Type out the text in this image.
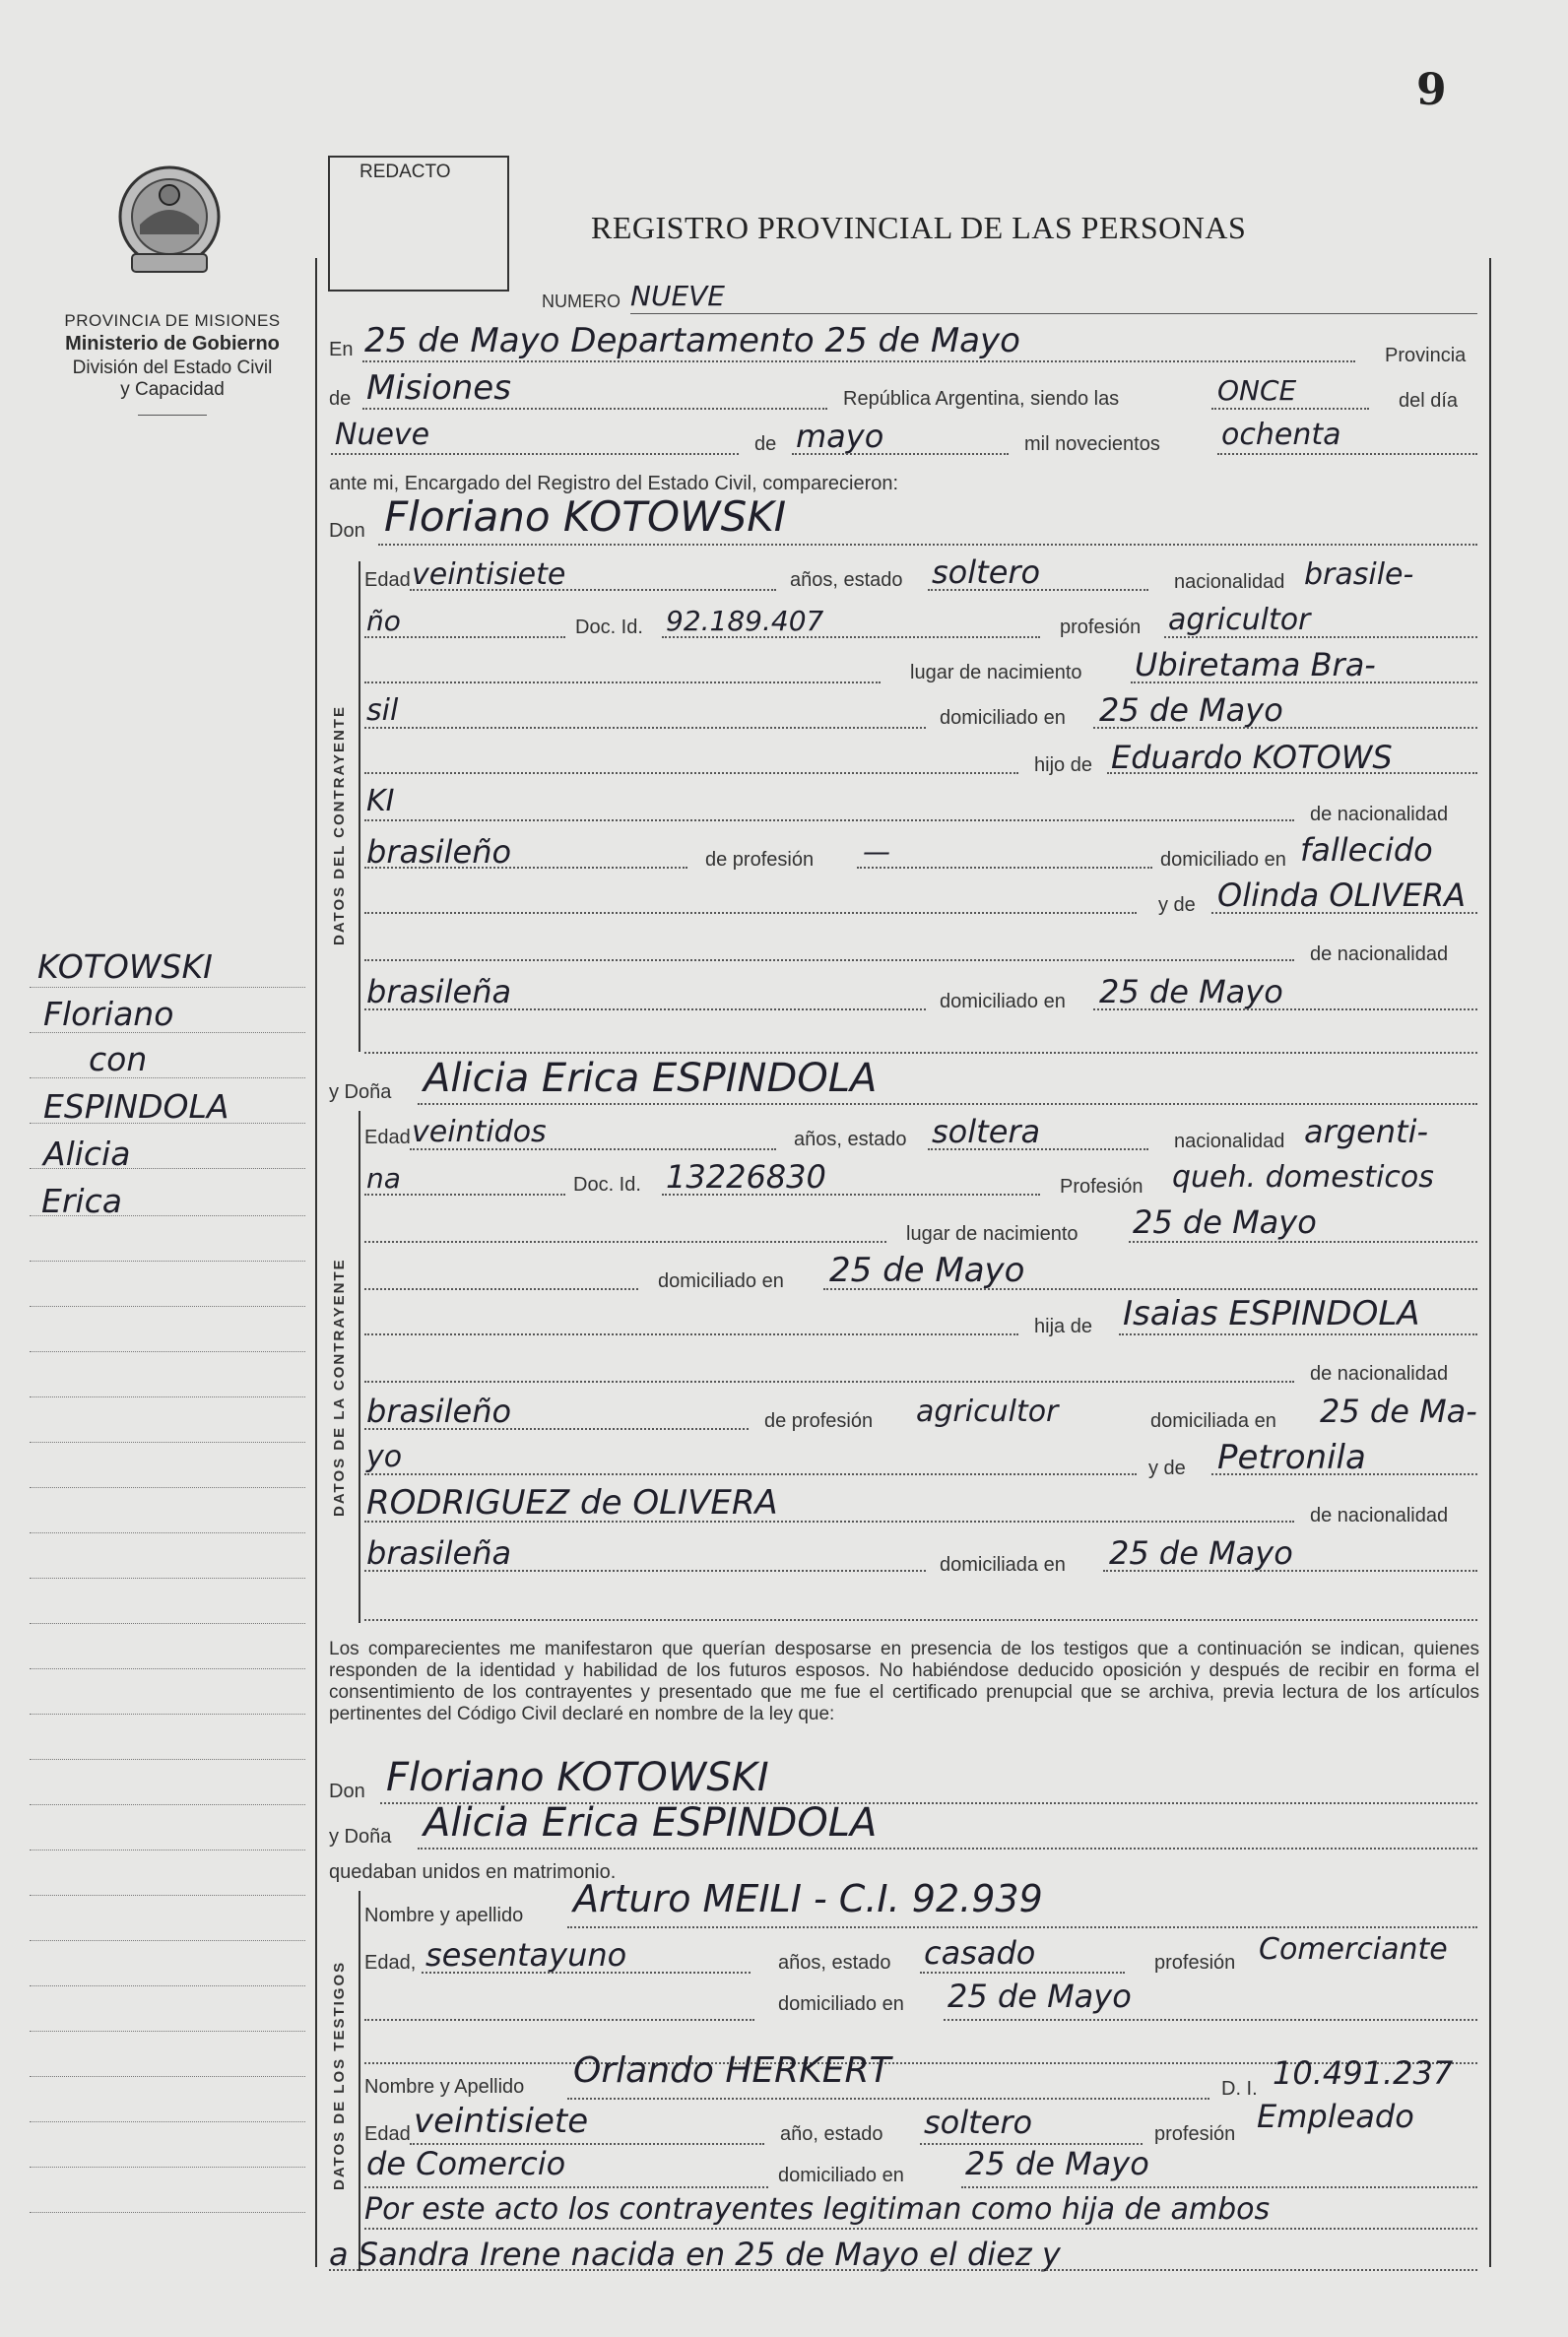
9
PROVINCIA DE MISIONES
Ministerio de Gobierno
División del Estado Civil
y Capacidad
REDACTO
REGISTRO PROVINCIAL DE LAS PERSONAS
KOTOWSKI
Floriano
con
ESPINDOLA
Alicia
Erica
NUMERO NUEVE
En 25 de Mayo Departamento 25 de Mayo	Provincia
de Misiones	República Argentina, siendo las	ONCE	del día
Nueve	de mayo	mil novecientos ochenta
ante mi, Encargado del Registro del Estado Civil, comparecieron:
Don Floriano KOTOWSKI
DATOS DEL CONTRAYENTE
Edad veintisiete	años, estado soltero	nacionalidad brasile-
ño	Doc. Id. 92.189.407	profesión agricultor
lugar de nacimiento Ubiretama Bra-
sil	domiciliado en 25 de Mayo
hijo de Eduardo KOTOWS
KI	de nacionalidad
brasileño	de profesión —	domiciliado en fallecido
y de Olinda OLIVERA
de nacionalidad
brasileña	domiciliado en 25 de Mayo
y Doña Alicia Erica ESPINDOLA
DATOS DE LA CONTRAYENTE
Edad veintidos	años, estado soltera	nacionalidad argenti-
na	Doc. Id. 13226830	Profesión queh. domesticos
lugar de nacimiento 25 de Mayo
domiciliado en 25 de Mayo
hija de Isaias ESPINDOLA
de nacionalidad
brasileño	de profesión agricultor	domiciliada en 25 de Ma-
yo	y de Petronila
RODRIGUEZ de OLIVERA	de nacionalidad
brasileña	domiciliada en 25 de Mayo
Los comparecientes me manifestaron que querían desposarse en presencia de los testigos que a continuación se indican, quienes responden de la identidad y habilidad de los futuros esposos. No habiéndose deducido oposición y después de recibir en forma el consentimiento de los contrayentes y presentado que me fue el certificado prenupcial que se archiva, previa lectura de los artículos pertinentes del Código Civil declaré en nombre de la ley que:
Don Floriano KOTOWSKI
y Doña Alicia Erica ESPINDOLA
quedaban unidos en matrimonio.
DATOS DE LOS TESTIGOS
Nombre y apellido Arturo MEILI - C.I. 92.939
Edad, sesentayuno	años, estado casado	profesión Comerciante
domiciliado en 25 de Mayo
Nombre y Apellido Orlando HERKERT	D. I. 10.491.237
Edad veintisiete	año, estado soltero	profesión Empleado
de Comercio	domiciliado en 25 de Mayo
Por este acto los contrayentes legitiman como hija de ambos
a Sandra Irene nacida en 25 de Mayo el diez y
